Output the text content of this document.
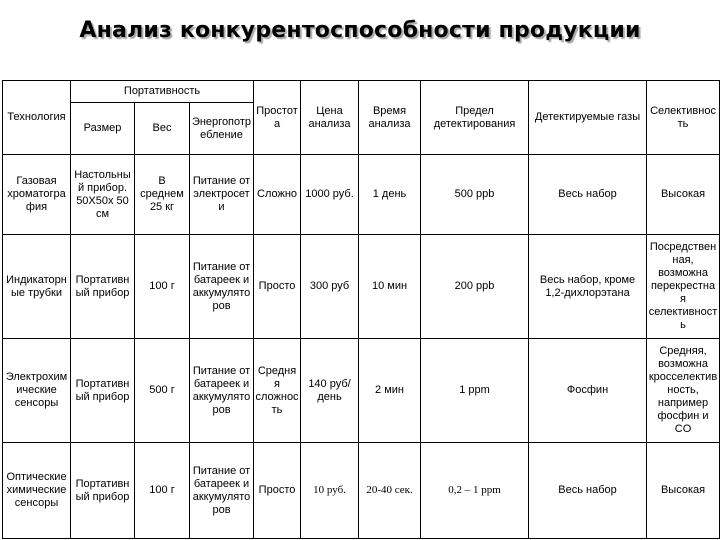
Анализ конкурентоспособности продукции
Технология	Портативность			Простота	Цена анализа	Время анализа	Предел детектирования	Детектируемые газы	Селективность
	Размер	Вес	Энергопотребление						
Газовая хроматография	Настольный прибор. 50Х50х 50 см	В среднем 25 кг	Питание от электросети	Сложно	1000 руб.	1 день	500 ppb	Весь набор	Высокая
Индикаторные трубки	Портативный прибор	100 г	Питание от батареек и аккумуляторов	Просто	300 руб	10 мин	200 ppb	Весь набор, кроме 1,2-дихлорэтана	Посредственная, возможна перекрестная селективность
Электрохимические сенсоры	Портативный прибор	500 г	Питание от батареек и аккумуляторов	Средняя сложность	140 руб/день	2 мин	1 ppm	Фосфин	Средняя, возможна кросселективность, например фосфин и CO
Оптические химические сенсоры	Портативный прибор	100 г	Питание от батареек и аккумуляторов	Просто	10 руб.	20-40 сек.	0,2 – 1 ppm	Весь набор	Высокая
